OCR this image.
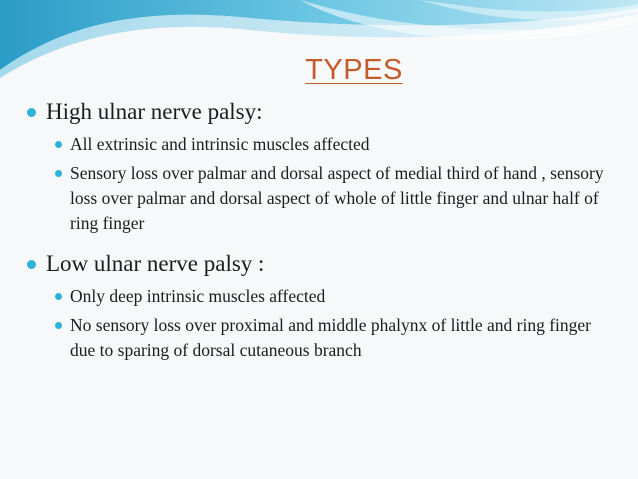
TYPES
High ulnar nerve palsy:
All extrinsic and intrinsic muscles affected
Sensory loss over palmar and dorsal aspect of medial third of hand , sensory loss over palmar and dorsal aspect of whole of little finger and ulnar half of ring finger
Low ulnar nerve palsy :
Only deep intrinsic muscles affected
No sensory loss over proximal and middle phalynx of little and ring finger due to sparing of dorsal cutaneous branch
